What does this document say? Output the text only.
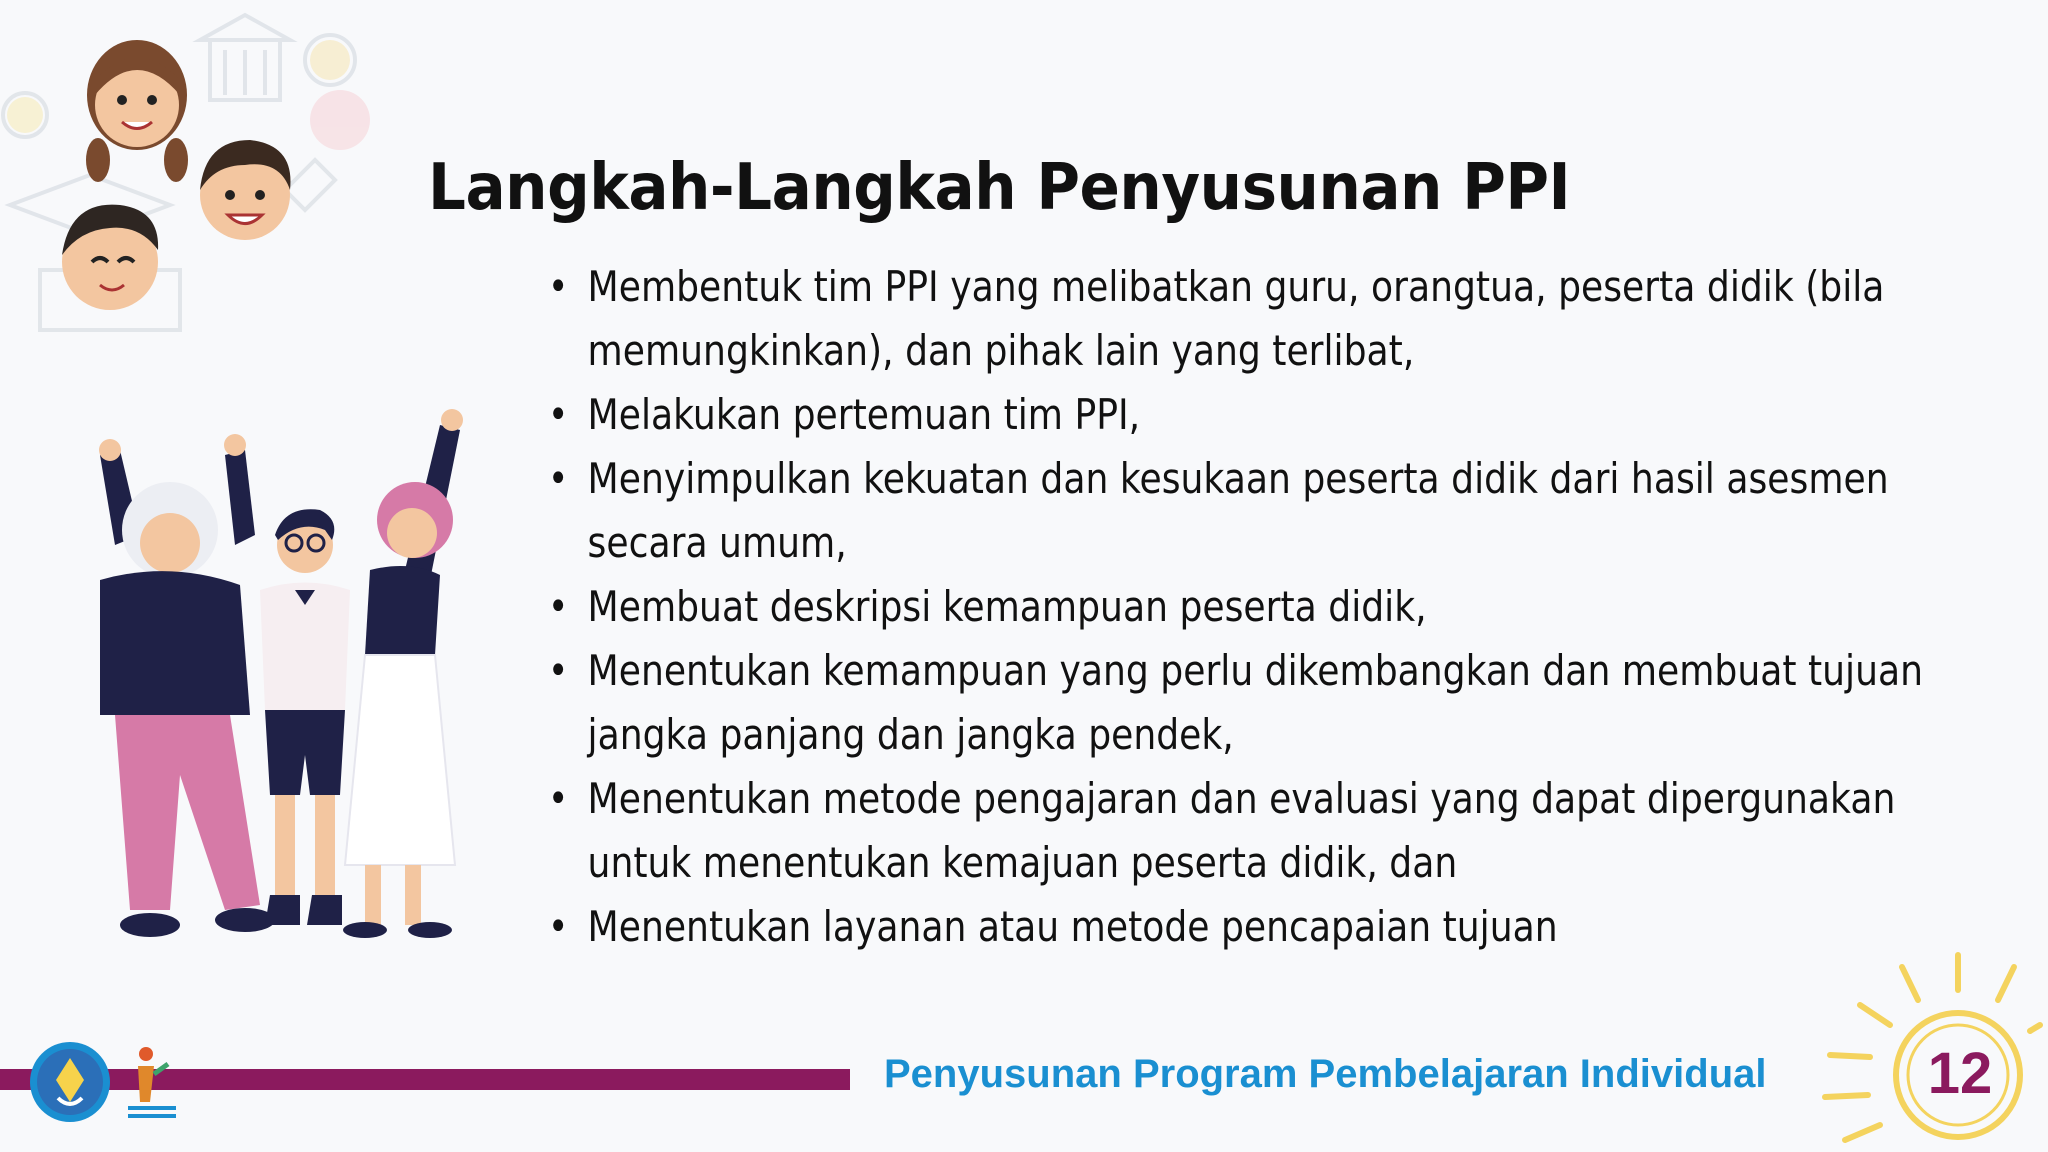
Langkah-Langkah Penyusunan PPI
• Membentuk tim PPI yang melibatkan guru, orangtua, peserta didik (bila
memungkinkan), dan pihak lain yang terlibat,
• Melakukan pertemuan tim PPI,
• Menyimpulkan kekuatan dan kesukaan peserta didik dari hasil asesmen
secara umum,
• Membuat deskripsi kemampuan peserta didik,
• Menentukan kemampuan yang perlu dikembangkan dan membuat tujuan
jangka panjang dan jangka pendek,
• Menentukan metode pengajaran dan evaluasi yang dapat dipergunakan
untuk menentukan kemajuan peserta didik, dan
• Menentukan layanan atau metode pencapaian tujuan
Penyusunan Program Pembelajaran Individual	12
